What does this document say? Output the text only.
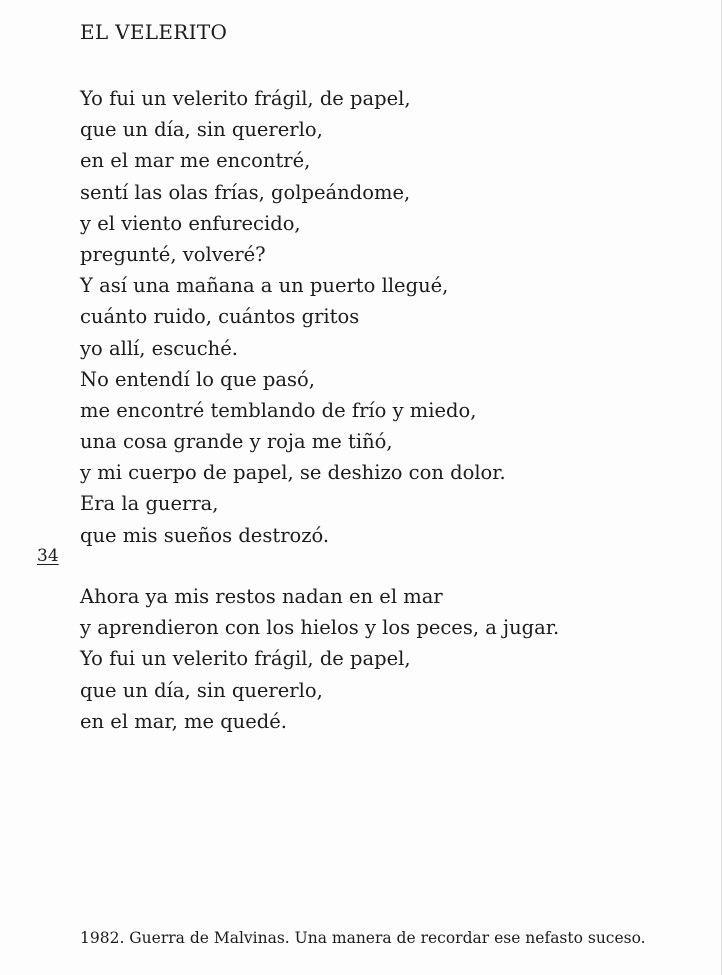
EL VELERITO
Yo fui un velerito frágil, de papel,
que un día, sin quererlo,
en el mar me encontré,
sentí las olas frías, golpeándome,
y el viento enfurecido,
pregunté, volveré?
Y así una mañana a un puerto llegué,
cuánto ruido, cuántos gritos
yo allí, escuché.
No entendí lo que pasó,
me encontré temblando de frío y miedo,
una cosa grande y roja me tiñó,
y mi cuerpo de papel, se deshizo con dolor.
Era la guerra,
que mis sueños destrozó.
34
Ahora ya mis restos nadan en el mar
y aprendieron con los hielos y los peces, a jugar.
Yo fui un velerito frágil, de papel,
que un día, sin quererlo,
en el mar, me quedé.
1982. Guerra de Malvinas. Una manera de recordar ese nefasto suceso.
